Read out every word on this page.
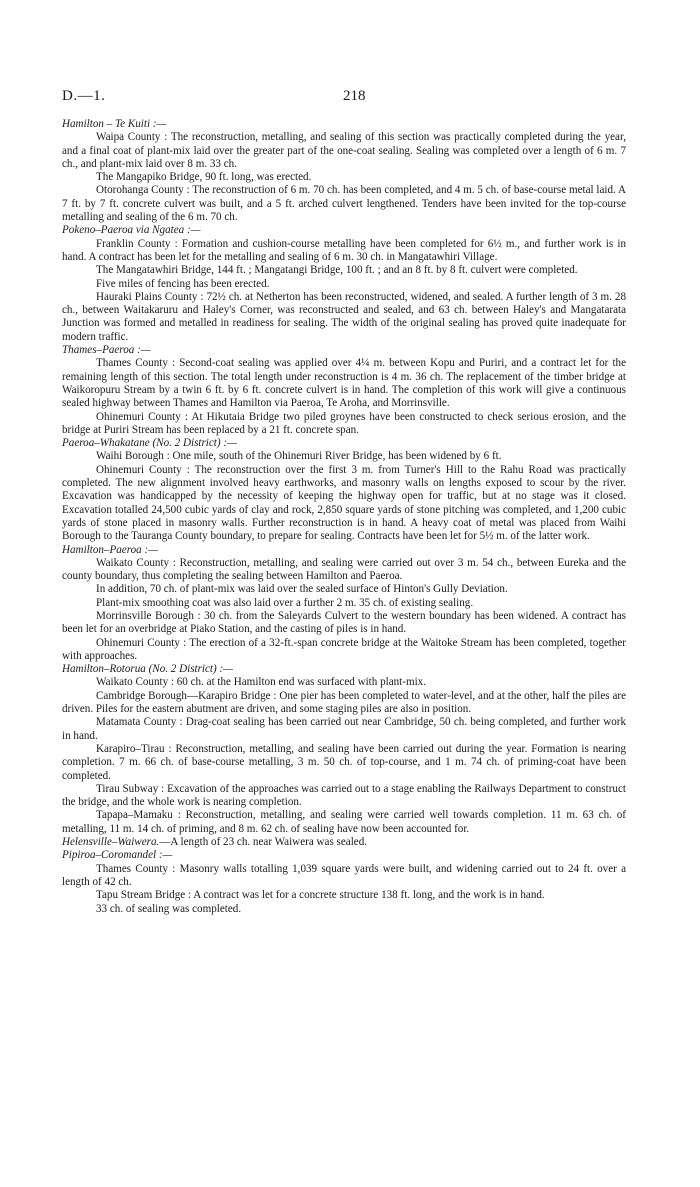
D.—1.	218

Hamilton – Te Kuiti :—

Waipa County : The reconstruction, metalling, and sealing of this section was practically completed during the year, and a final coat of plant-mix laid over the greater part of the one-coat sealing. Sealing was completed over a length of 6 m. 7 ch., and plant-mix laid over 8 m. 33 ch.

The Mangapiko Bridge, 90 ft. long, was erected.

Otorohanga County : The reconstruction of 6 m. 70 ch. has been completed, and 4 m. 5 ch. of base-course metal laid. A 7 ft. by 7 ft. concrete culvert was built, and a 5 ft. arched culvert lengthened. Tenders have been invited for the top-course metalling and sealing of the 6 m. 70 ch.

Pokeno–Paeroa via Ngatea :—

Franklin County : Formation and cushion-course metalling have been completed for 6½ m., and further work is in hand. A contract has been let for the metalling and sealing of 6 m. 30 ch. in Mangatawhiri Village.

The Mangatawhiri Bridge, 144 ft. ; Mangatangi Bridge, 100 ft. ; and an 8 ft. by 8 ft. culvert were completed.

Five miles of fencing has been erected.

Hauraki Plains County : 72½ ch. at Netherton has been reconstructed, widened, and sealed. A further length of 3 m. 28 ch., between Waitakaruru and Haley's Corner, was reconstructed and sealed, and 63 ch. between Haley's and Mangatarata Junction was formed and metalled in readiness for sealing. The width of the original sealing has proved quite inadequate for modern traffic.

Thames–Paeroa :—

Thames County : Second-coat sealing was applied over 4¼ m. between Kopu and Puriri, and a contract let for the remaining length of this section. The total length under reconstruction is 4 m. 36 ch. The replacement of the timber bridge at Waikoropuru Stream by a twin 6 ft. by 6 ft. concrete culvert is in hand. The completion of this work will give a continuous sealed highway between Thames and Hamilton via Paeroa, Te Aroha, and Morrinsville.

Ohinemuri County : At Hikutaia Bridge two piled groynes have been constructed to check serious erosion, and the bridge at Puriri Stream has been replaced by a 21 ft. concrete span.

Paeroa–Whakatane (No. 2 District) :—

Waihi Borough : One mile, south of the Ohinemuri River Bridge, has been widened by 6 ft.

Ohinemuri County : The reconstruction over the first 3 m. from Turner's Hill to the Rahu Road was practically completed. The new alignment involved heavy earthworks, and masonry walls on lengths exposed to scour by the river. Excavation was handicapped by the necessity of keeping the highway open for traffic, but at no stage was it closed. Excavation totalled 24,500 cubic yards of clay and rock, 2,850 square yards of stone pitching was completed, and 1,200 cubic yards of stone placed in masonry walls. Further reconstruction is in hand. A heavy coat of metal was placed from Waihi Borough to the Tauranga County boundary, to prepare for sealing. Contracts have been let for 5½ m. of the latter work.

Hamilton–Paeroa :—

Waikato County : Reconstruction, metalling, and sealing were carried out over 3 m. 54 ch., between Eureka and the county boundary, thus completing the sealing between Hamilton and Paeroa.

In addition, 70 ch. of plant-mix was laid over the sealed surface of Hinton's Gully Deviation.

Plant-mix smoothing coat was also laid over a further 2 m. 35 ch. of existing sealing.

Morrinsville Borough : 30 ch. from the Saleyards Culvert to the western boundary has been widened. A contract has been let for an overbridge at Piako Station, and the casting of piles is in hand.

Ohinemuri County : The erection of a 32-ft.-span concrete bridge at the Waitoke Stream has been completed, together with approaches.

Hamilton–Rotorua (No. 2 District) :—

Waikato County : 60 ch. at the Hamilton end was surfaced with plant-mix.

Cambridge Borough—Karapiro Bridge : One pier has been completed to water-level, and at the other, half the piles are driven. Piles for the eastern abutment are driven, and some staging piles are also in position.

Matamata County : Drag-coat sealing has been carried out near Cambridge, 50 ch. being completed, and further work in hand.

Karapiro–Tirau : Reconstruction, metalling, and sealing have been carried out during the year. Formation is nearing completion. 7 m. 66 ch. of base-course metalling, 3 m. 50 ch. of top-course, and 1 m. 74 ch. of priming-coat have been completed.

Tirau Subway : Excavation of the approaches was carried out to a stage enabling the Railways Department to construct the bridge, and the whole work is nearing completion.

Tapapa–Mamaku : Reconstruction, metalling, and sealing were carried well towards completion. 11 m. 63 ch. of metalling, 11 m. 14 ch. of priming, and 8 m. 62 ch. of sealing have now been accounted for.

Helensville–Waiwera.—A length of 23 ch. near Waiwera was sealed.

Pipiroa–Coromandel :—

Thames County : Masonry walls totalling 1,039 square yards were built, and widening carried out to 24 ft. over a length of 42 ch.

Tapu Stream Bridge : A contract was let for a concrete structure 138 ft. long, and the work is in hand.

33 ch. of sealing was completed.
